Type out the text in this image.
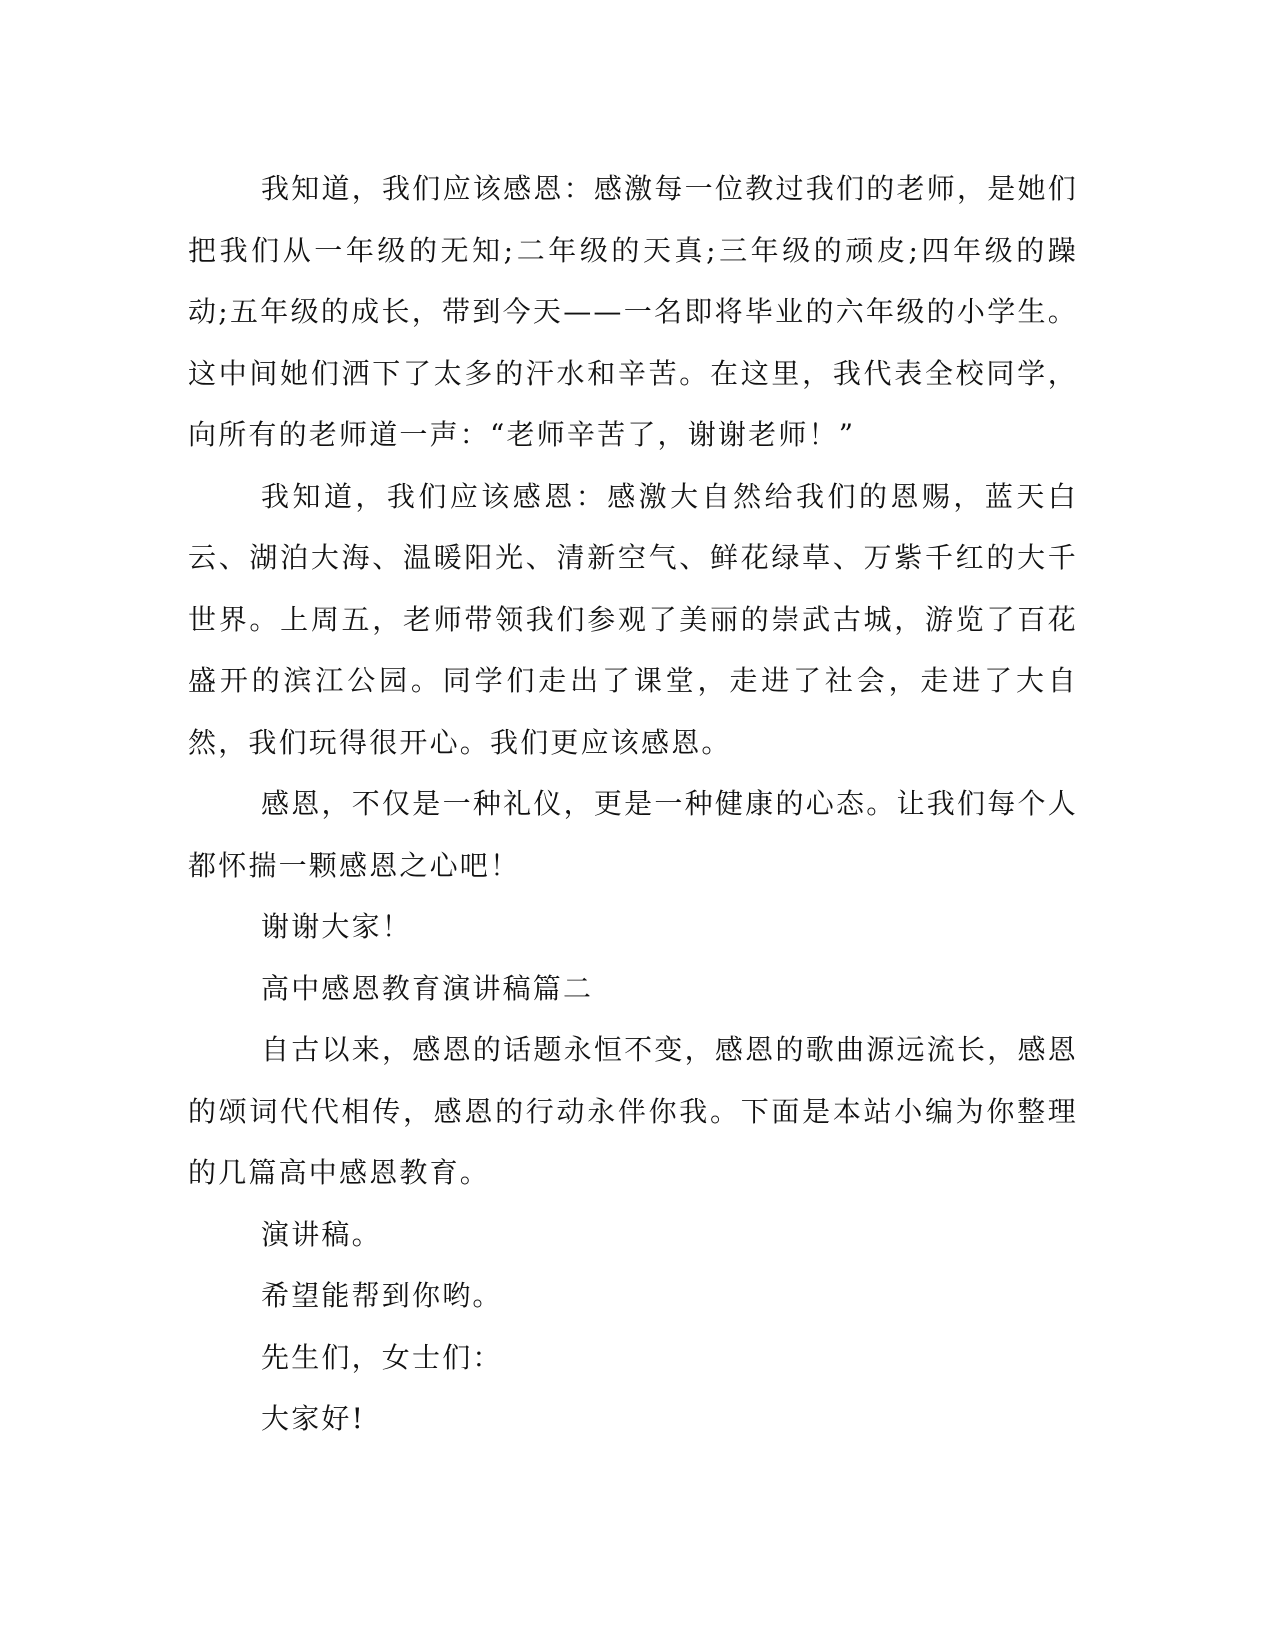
我知道，我们应该感恩：感激每一位教过我们的老师，是她们把我们从一年级的无知;二年级的天真;三年级的顽皮;四年级的躁动;五年级的成长，带到今天——一名即将毕业的六年级的小学生。这中间她们洒下了太多的汗水和辛苦。在这里，我代表全校同学，向所有的老师道一声：“老师辛苦了，谢谢老师！”

我知道，我们应该感恩：感激大自然给我们的恩赐，蓝天白云、湖泊大海、温暖阳光、清新空气、鲜花绿草、万紫千红的大千世界。上周五，老师带领我们参观了美丽的崇武古城，游览了百花盛开的滨江公园。同学们走出了课堂，走进了社会，走进了大自然，我们玩得很开心。我们更应该感恩。

感恩，不仅是一种礼仪，更是一种健康的心态。让我们每个人都怀揣一颗感恩之心吧！

谢谢大家！

高中感恩教育演讲稿篇二

自古以来，感恩的话题永恒不变，感恩的歌曲源远流长，感恩的颂词代代相传，感恩的行动永伴你我。下面是本站小编为你整理的几篇高中感恩教育。

演讲稿。

希望能帮到你哟。

先生们，女士们：

大家好!
